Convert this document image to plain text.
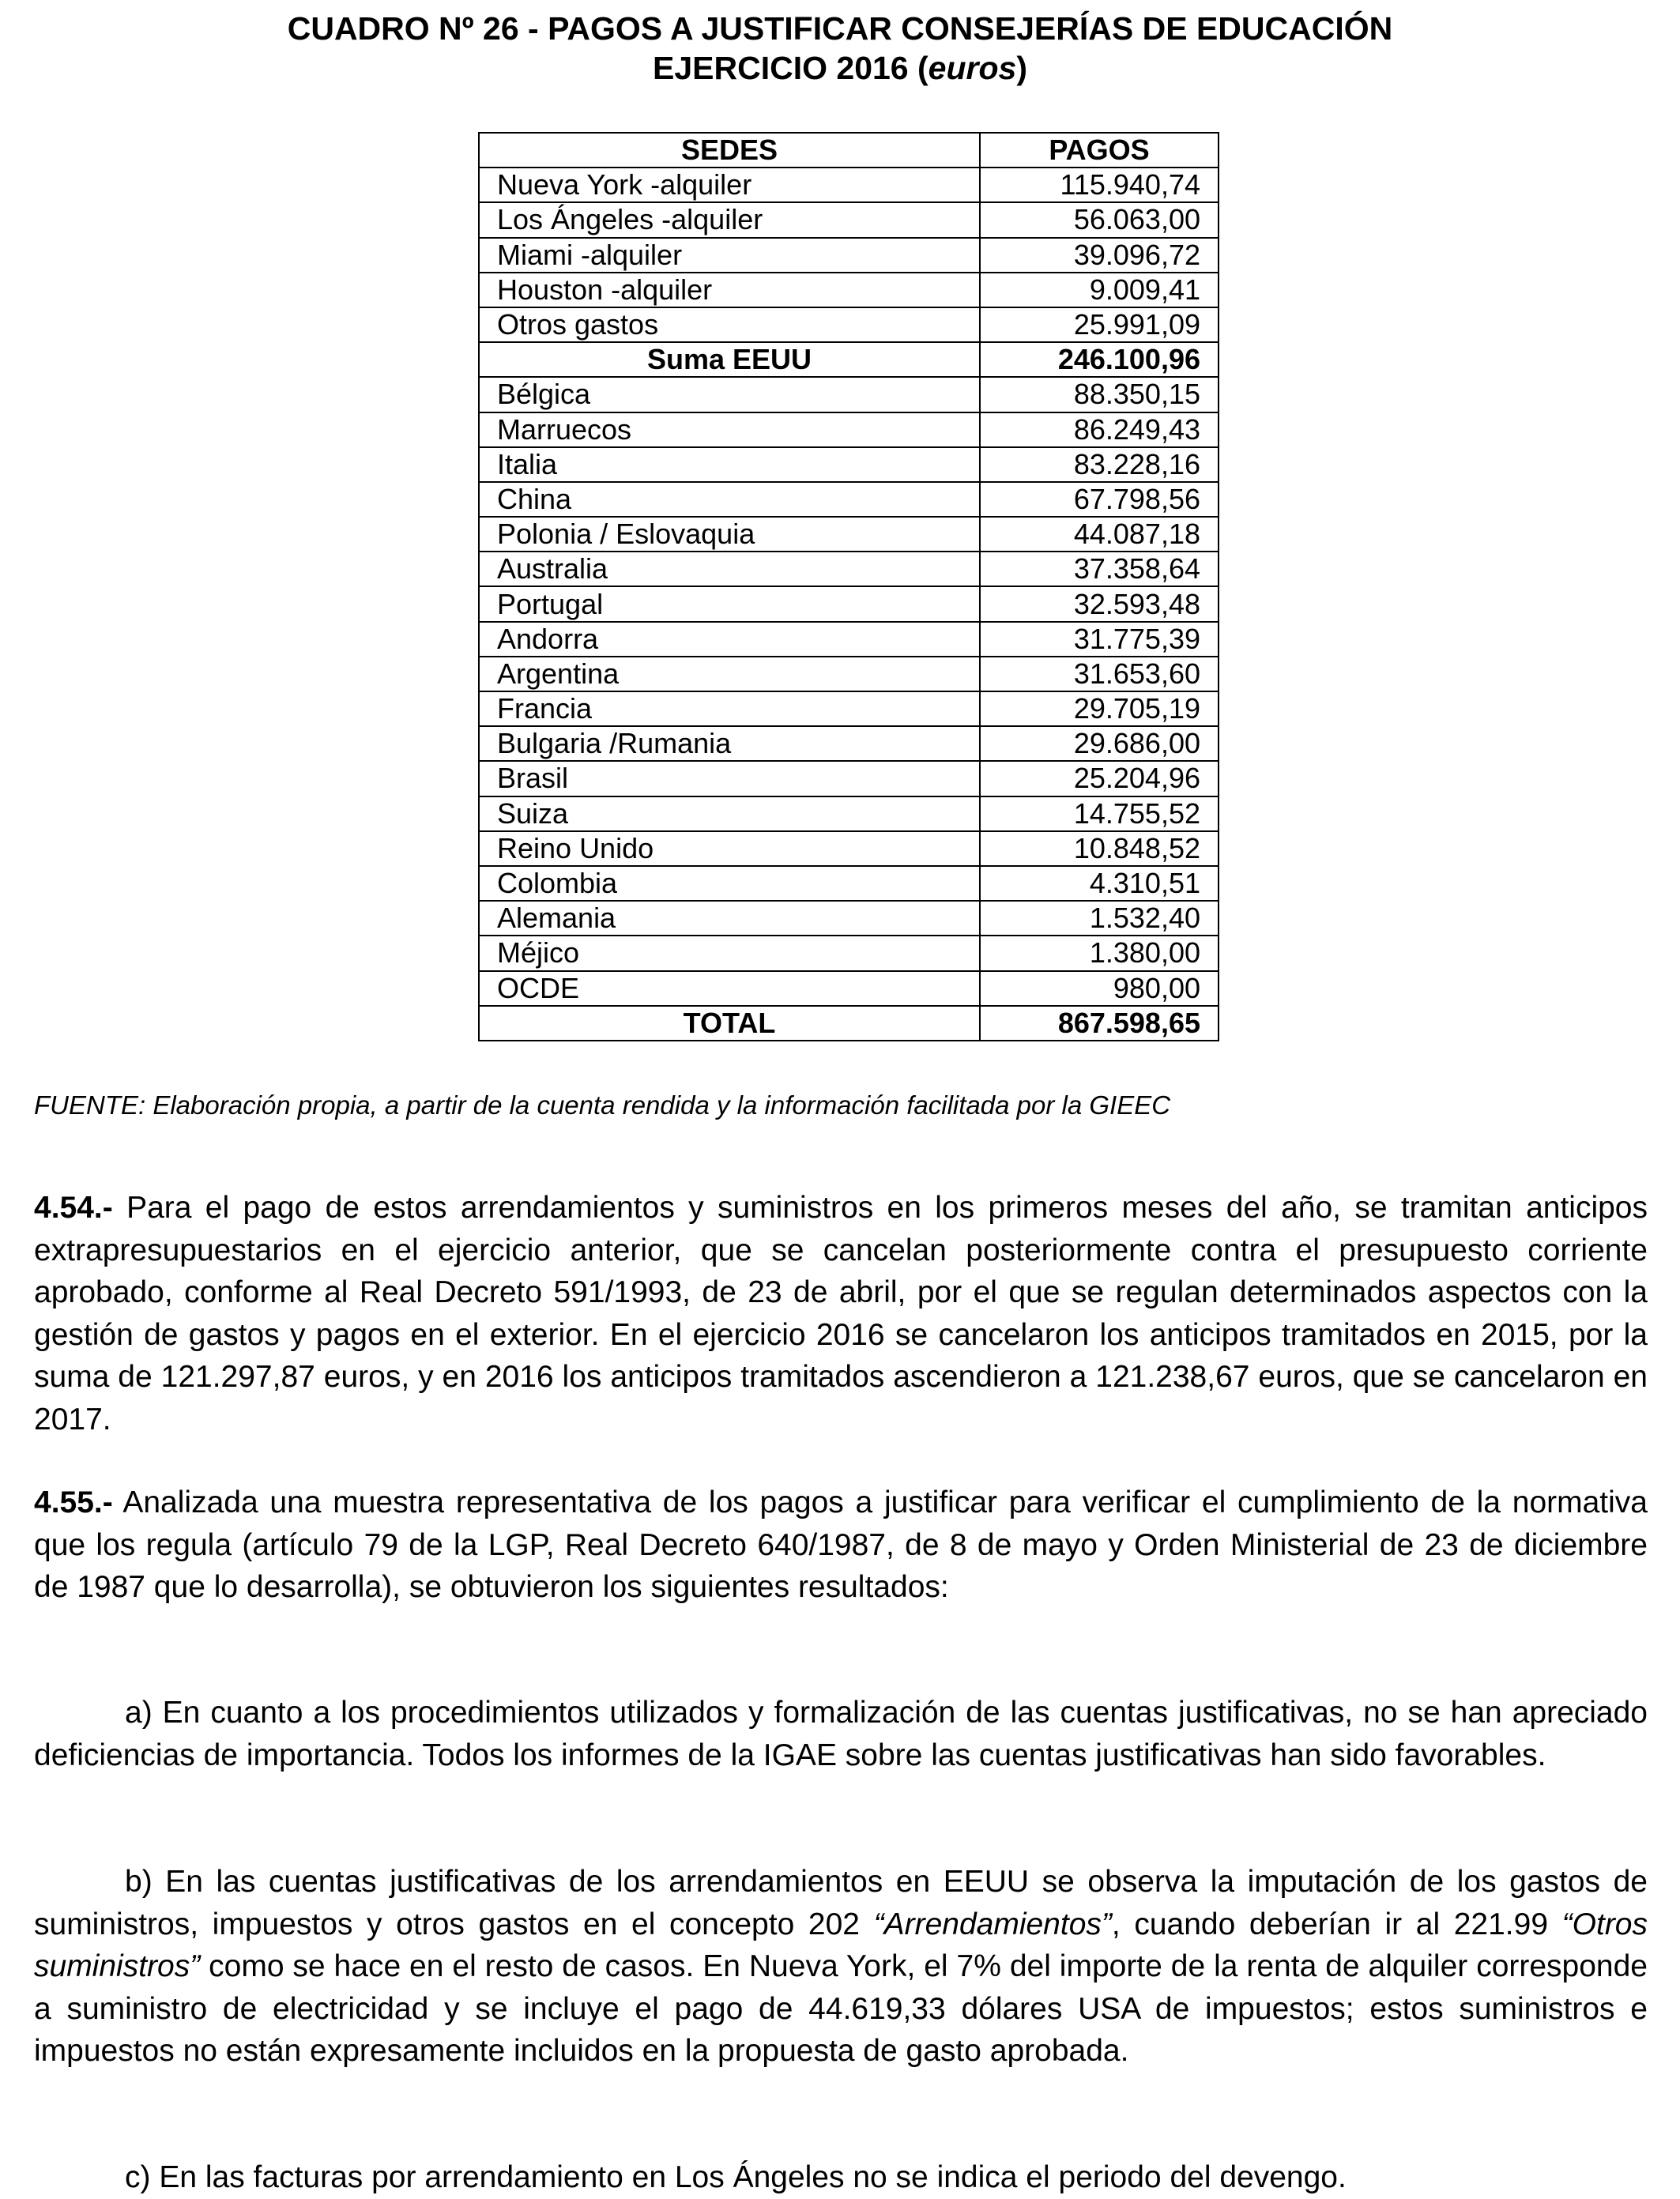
CUADRO Nº 26 - PAGOS A JUSTIFICAR CONSEJERÍAS DE EDUCACIÓN
EJERCICIO 2016 (euros)
SEDES	PAGOS
Nueva York -alquiler	115.940,74
Los Ángeles -alquiler	56.063,00
Miami -alquiler	39.096,72
Houston -alquiler	9.009,41
Otros gastos	25.991,09
Suma EEUU	246.100,96
Bélgica	88.350,15
Marruecos	86.249,43
Italia	83.228,16
China	67.798,56
Polonia / Eslovaquia	44.087,18
Australia	37.358,64
Portugal	32.593,48
Andorra	31.775,39
Argentina	31.653,60
Francia	29.705,19
Bulgaria /Rumania	29.686,00
Brasil	25.204,96
Suiza	14.755,52
Reino Unido	10.848,52
Colombia	4.310,51
Alemania	1.532,40
Méjico	1.380,00
OCDE	980,00
TOTAL	867.598,65
FUENTE: Elaboración propia, a partir de la cuenta rendida y la información facilitada por la GIEEC
4.54.- Para el pago de estos arrendamientos y suministros en los primeros meses del año, se tramitan anticipos extrapresupuestarios en el ejercicio anterior, que se cancelan posteriormente contra el presupuesto corriente aprobado, conforme al Real Decreto 591/1993, de 23 de abril, por el que se regulan determinados aspectos con la gestión de gastos y pagos en el exterior. En el ejercicio 2016 se cancelaron los anticipos tramitados en 2015, por la suma de 121.297,87 euros, y en 2016 los anticipos tramitados ascendieron a 121.238,67 euros, que se cancelaron en 2017.
4.55.- Analizada una muestra representativa de los pagos a justificar para verificar el cumplimiento de la normativa que los regula (artículo 79 de la LGP, Real Decreto 640/1987, de 8 de mayo y Orden Ministerial de 23 de diciembre de 1987 que lo desarrolla), se obtuvieron los siguientes resultados:
a) En cuanto a los procedimientos utilizados y formalización de las cuentas justificativas, no se han apreciado deficiencias de importancia. Todos los informes de la IGAE sobre las cuentas justificativas han sido favorables.
b) En las cuentas justificativas de los arrendamientos en EEUU se observa la imputación de los gastos de suministros, impuestos y otros gastos en el concepto 202 “Arrendamientos”, cuando deberían ir al 221.99 “Otros suministros” como se hace en el resto de casos. En Nueva York, el 7% del importe de la renta de alquiler corresponde a suministro de electricidad y se incluye el pago de 44.619,33 dólares USA de impuestos; estos suministros e impuestos no están expresamente incluidos en la propuesta de gasto aprobada.
c) En las facturas por arrendamiento en Los Ángeles no se indica el periodo del devengo.
